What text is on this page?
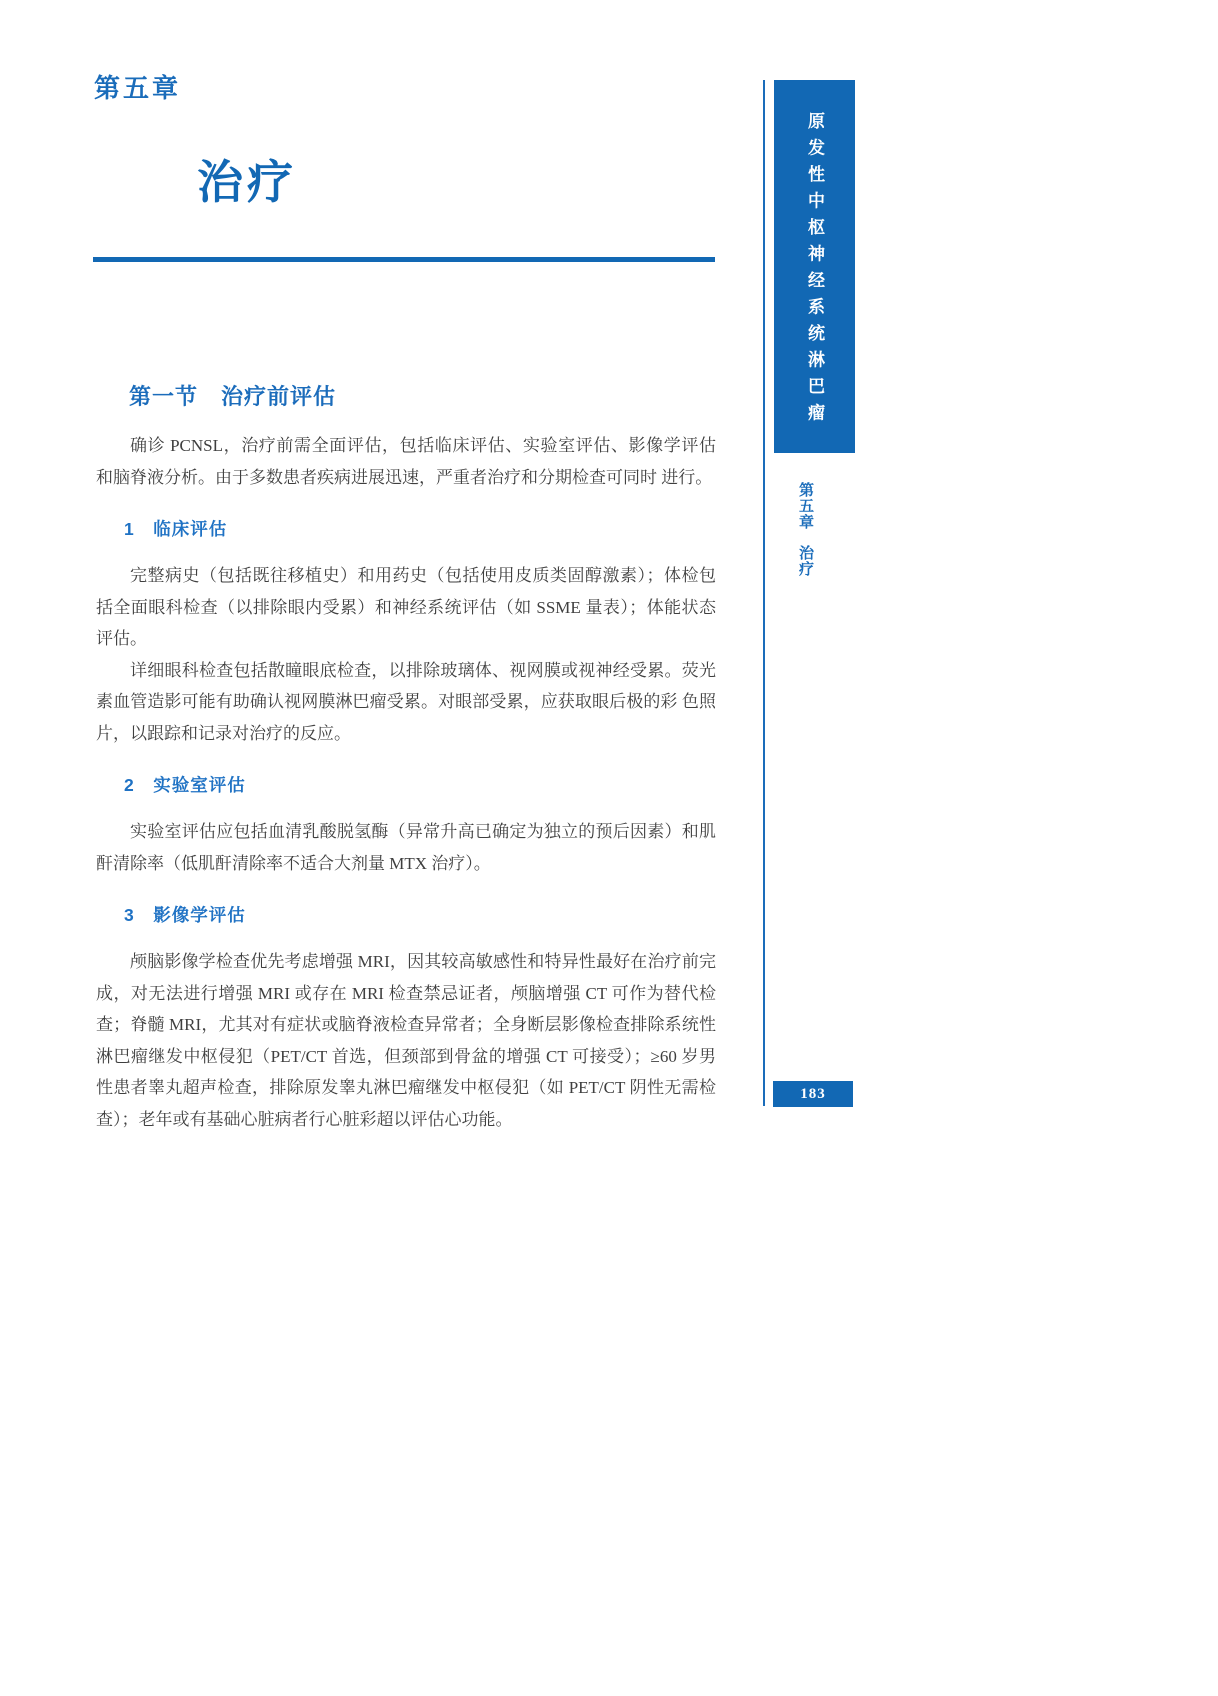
第五章
治疗
第一节　治疗前评估

确诊 PCNSL，治疗前需全面评估，包括临床评估、实验室评估、影像学评估 和脑脊液分析。由于多数患者疾病进展迅速，严重者治疗和分期检查可同时 进行。

1　临床评估

完整病史（包括既往移植史）和用药史（包括使用皮质类固醇激素）；体检包括全面眼科检查（以排除眼内受累）和神经系统评估（如 SSME 量表）；体能状态评估。

详细眼科检查包括散瞳眼底检查，以排除玻璃体、视网膜或视神经受累。荧光素血管造影可能有助确认视网膜淋巴瘤受累。对眼部受累，应获取眼后极的彩 色照片，以跟踪和记录对治疗的反应。

2　实验室评估

实验室评估应包括血清乳酸脱氢酶（异常升高已确定为独立的预后因素）和肌酐清除率（低肌酐清除率不适合大剂量 MTX 治疗）。

3　影像学评估

颅脑影像学检查优先考虑增强 MRI，因其较高敏感性和特异性最好在治疗前完成，对无法进行增强 MRI 或存在 MRI 检查禁忌证者，颅脑增强 CT 可作为替代检查；脊髓 MRI，尤其对有症状或脑脊液检查异常者；全身断层影像检查排除系统性淋巴瘤继发中枢侵犯（PET/CT 首选，但颈部到骨盆的增强 CT 可接受）；≥60 岁男性患者睾丸超声检查，排除原发睾丸淋巴瘤继发中枢侵犯（如 PET/CT 阴性无需检查）；老年或有基础心脏病者行心脏彩超以评估心功能。

原发性中枢神经系统淋巴瘤
第五章
治疗
183
